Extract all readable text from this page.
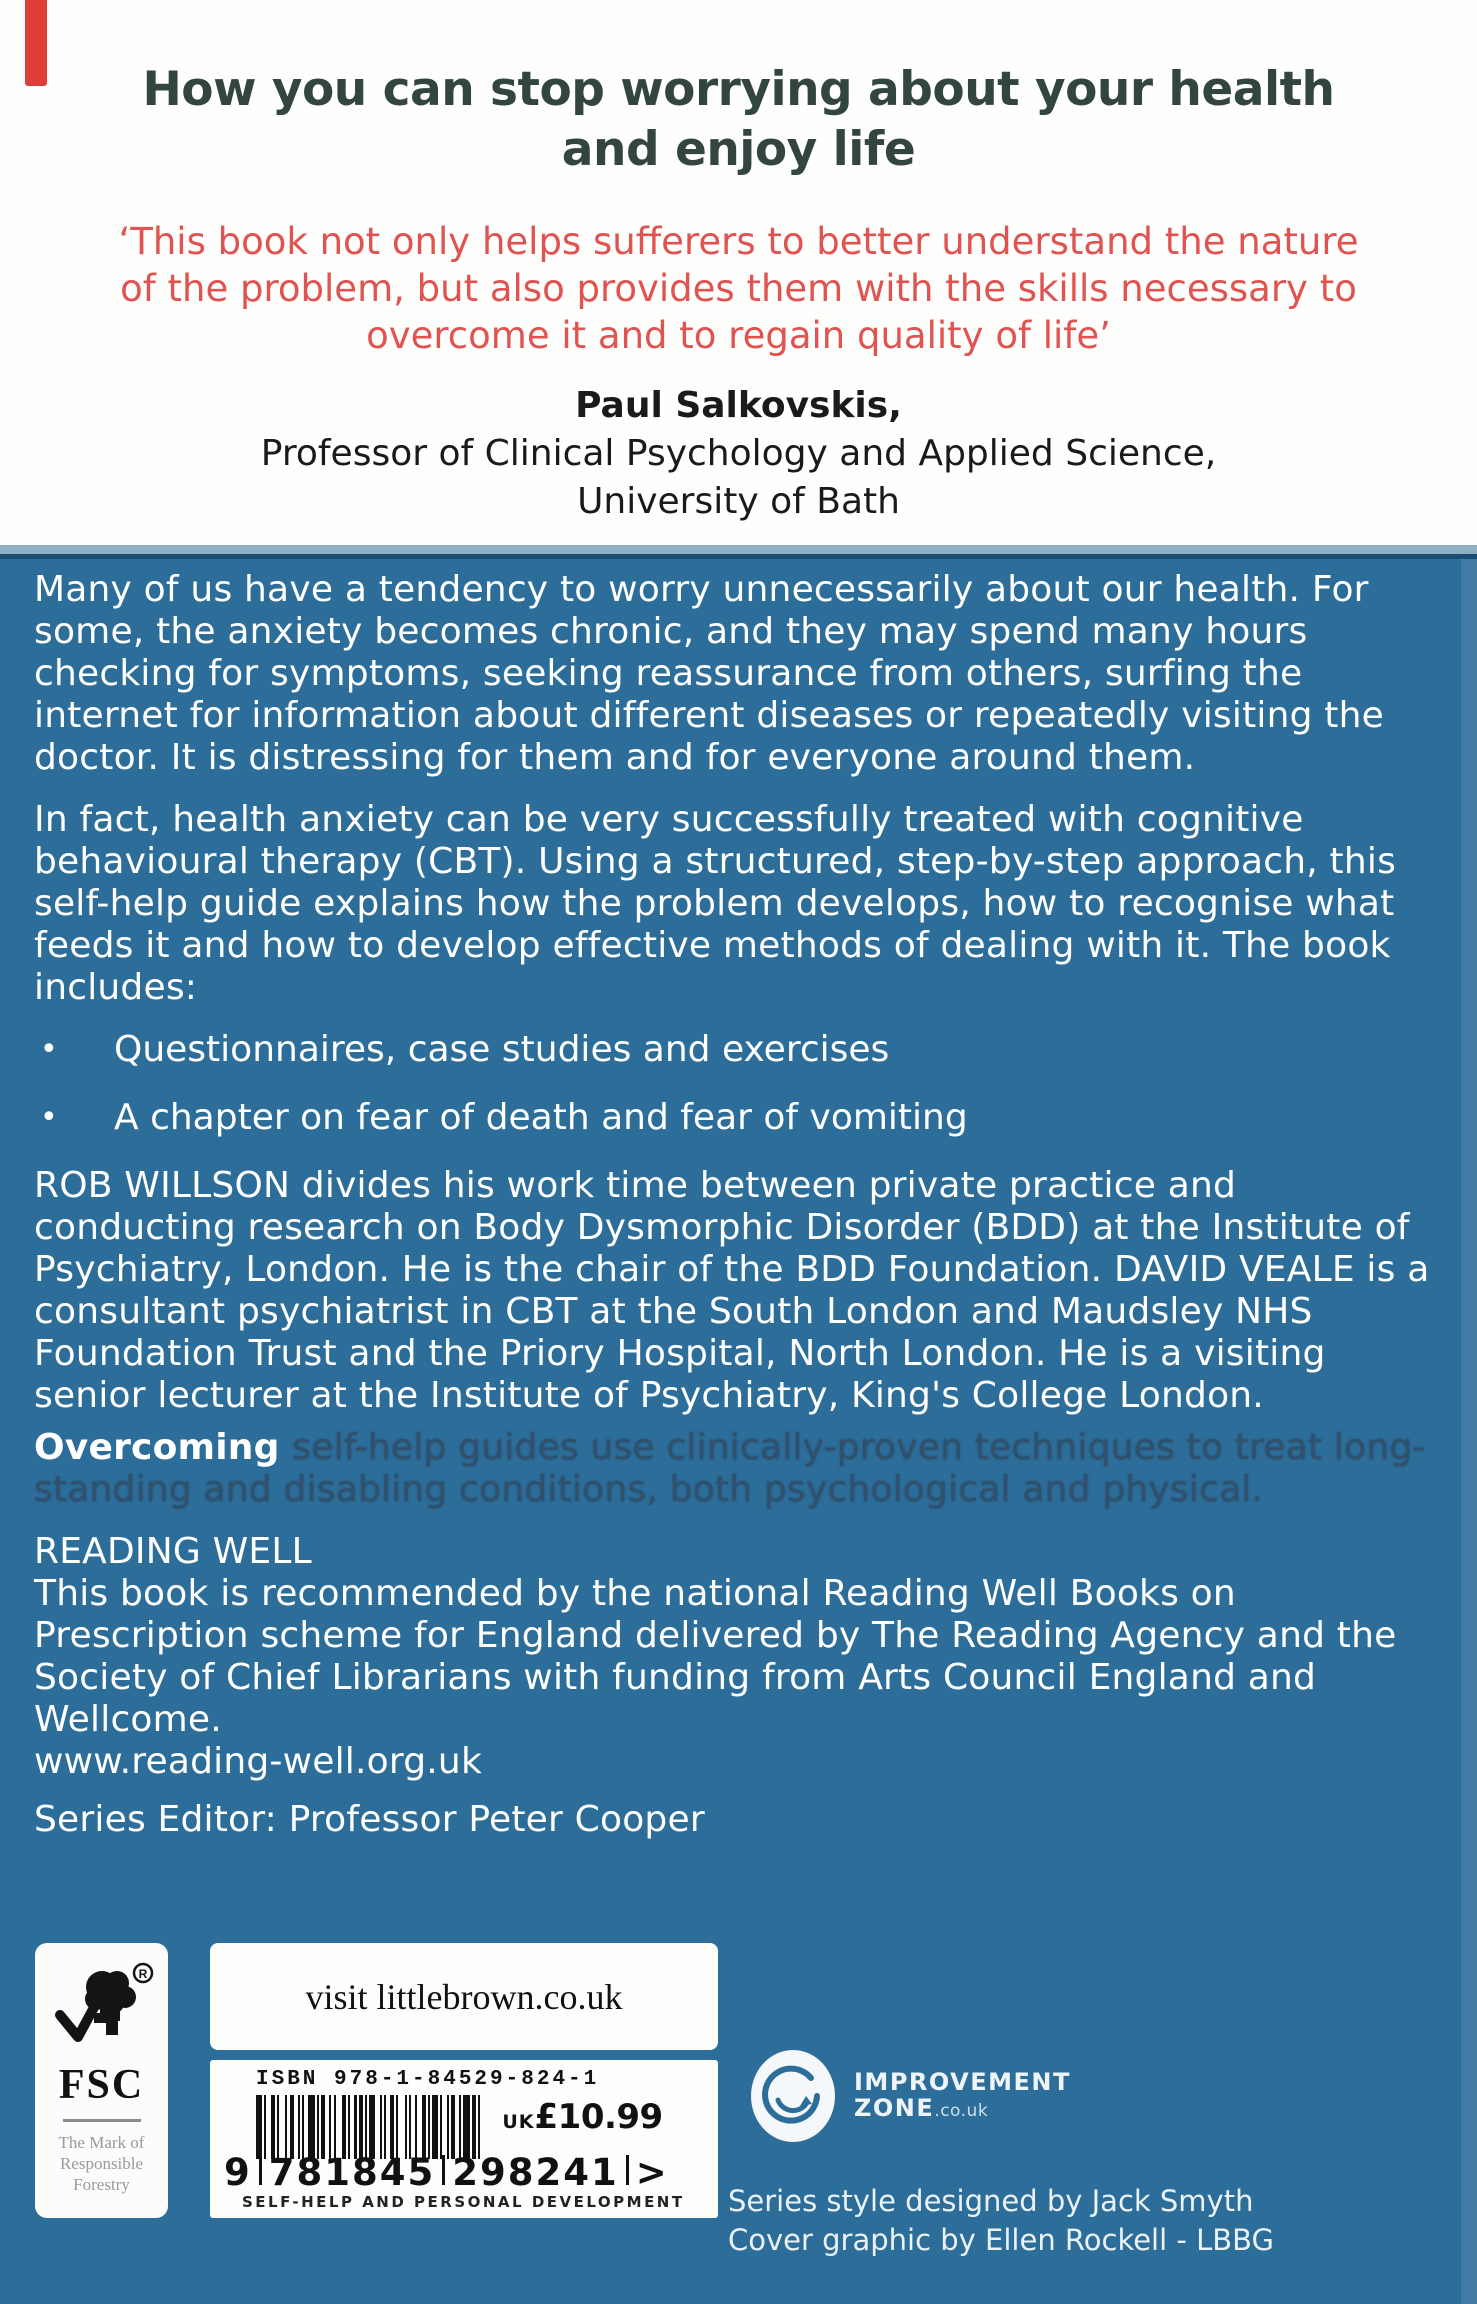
How you can stop worrying about your health
and enjoy life
‘This book not only helps sufferers to better understand the nature
of the problem, but also provides them with the skills necessary to
overcome it and to regain quality of life’
Paul Salkovskis,
Professor of Clinical Psychology and Applied Science,
University of Bath

Many of us have a tendency to worry unnecessarily about our health. For some, the anxiety becomes chronic, and they may spend many hours checking for symptoms, seeking reassurance from others, surfing the internet for information about different diseases or repeatedly visiting the doctor. It is distressing for them and for everyone around them.

In fact, health anxiety can be very successfully treated with cognitive behavioural therapy (CBT). Using a structured, step-by-step approach, this self-help guide explains how the problem develops, how to recognise what feeds it and how to develop effective methods of dealing with it. The book includes:

•	Questionnaires, case studies and exercises
•	A chapter on fear of death and fear of vomiting

ROB WILLSON divides his work time between private practice and conducting research on Body Dysmorphic Disorder (BDD) at the Institute of Psychiatry, London. He is the chair of the BDD Foundation. DAVID VEALE is a consultant psychiatrist in CBT at the South London and Maudsley NHS Foundation Trust and the Priory Hospital, North London. He is a visiting senior lecturer at the Institute of Psychiatry, King's College London.

Overcoming self-help guides use clinically-proven techniques to treat long-standing and disabling conditions, both psychological and physical.

READING WELL

This book is recommended by the national Reading Well Books on Prescription scheme for England delivered by The Reading Agency and the Society of Chief Librarians with funding from Arts Council England and Wellcome.

www.reading-well.org.uk

Series Editor: Professor Peter Cooper

R
FSC
The Mark of
Responsible
Forestry
visit littlebrown.co.uk
ISBN 978-1-84529-824-1
UK£10.99
9 781845 298241 >
SELF-HELP AND PERSONAL DEVELOPMENT
IMPROVEMENT
ZONE.co.uk
Series style designed by Jack Smyth
Cover graphic by Ellen Rockell - LBBG
